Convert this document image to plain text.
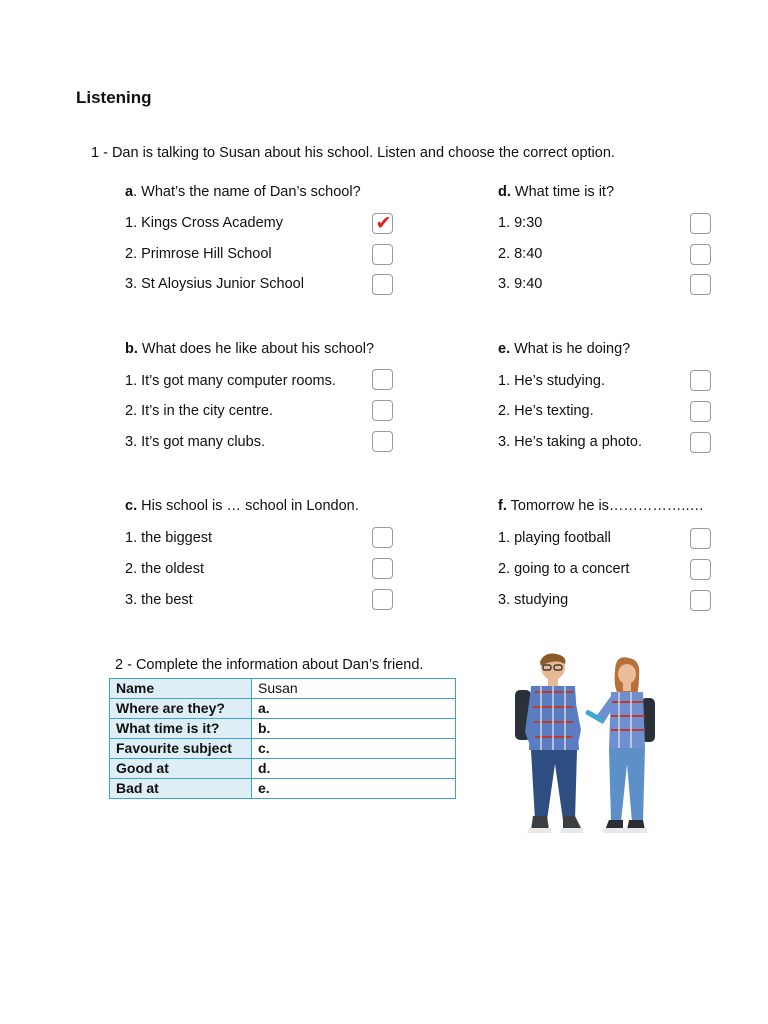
Listening

1 - Dan is talking to Susan about his school. Listen and choose the correct option.

a. What’s the name of Dan’s school?
1. Kings Cross Academy
2. Primrose Hill School
3. St Aloysius Junior School
✔
b. What does he like about his school?
1. It’s got many computer rooms.
2. It’s in the city centre.
3. It’s got many clubs.
c. His school is … school in London.
1. the biggest
2. the oldest
3. the best
d. What time is it?
1. 9:30
2. 8:40
3. 9:40
e. What is he doing?
1. He’s studying.
2. He’s texting.
3. He’s taking a photo.
f. Tomorrow he is……………..…
1. playing football
2. going to a concert
3. studying

2 - Complete the information about Dan’s friend.

Name	Susan
Where are they?	a.
What time is it?	b.
Favourite subject	c.
Good at	d.
Bad at	e.
